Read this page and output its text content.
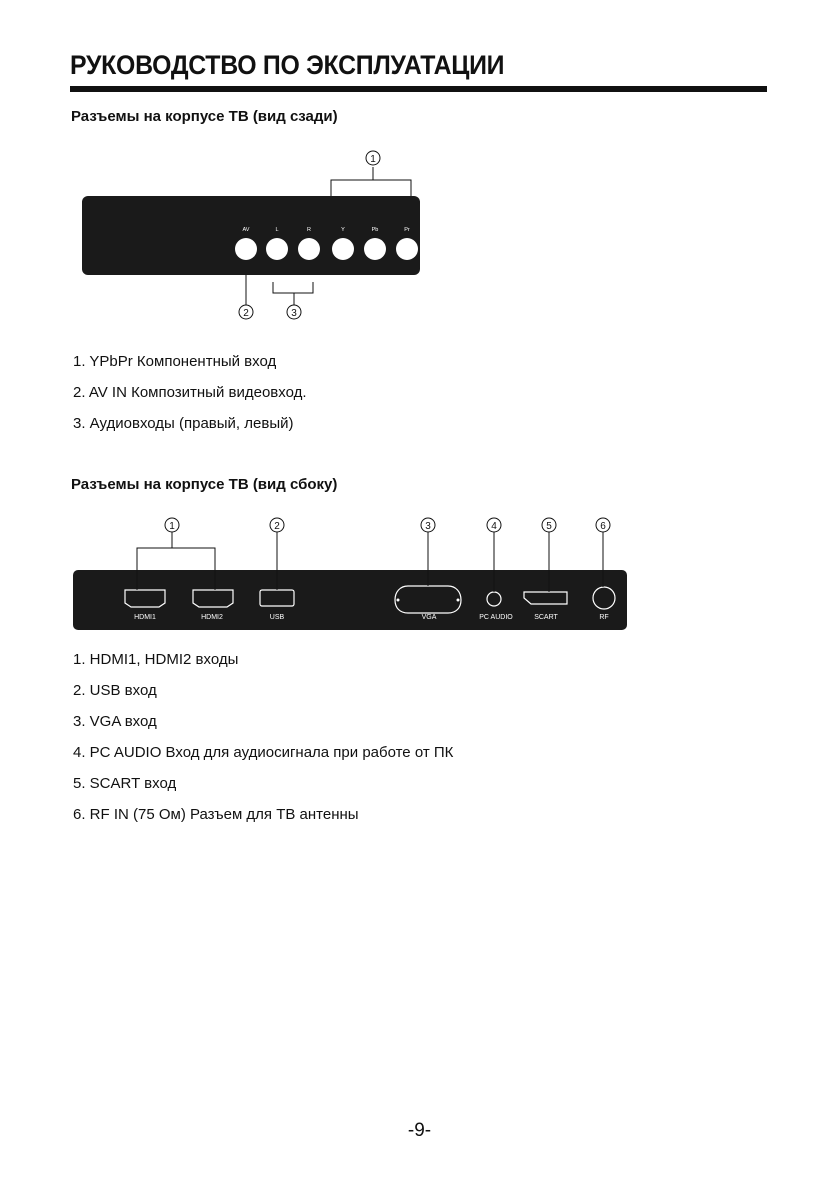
РУКОВОДСТВО ПО ЭКСПЛУАТАЦИИ
Разъемы на корпусе ТВ (вид сзади)
AV	L	R	Y	Pb	Pr
1
2	3
1. YPbPr Компонентный вход
2. AV IN Композитный видеовход.
3. Аудиовходы (правый, левый)
Разъемы на корпусе ТВ (вид сбоку)
HDMI1	HDMI2	USB	VGA	PC AUDIO	SCART	RF
1	2	3	4	5	6
1. HDMI1, HDMI2 входы
2. USB вход
3. VGA вход
4. PC AUDIO Вход для аудиосигнала при работе от ПК
5. SCART вход
6. RF IN (75 Ом) Разъем для ТВ антенны
-9-
